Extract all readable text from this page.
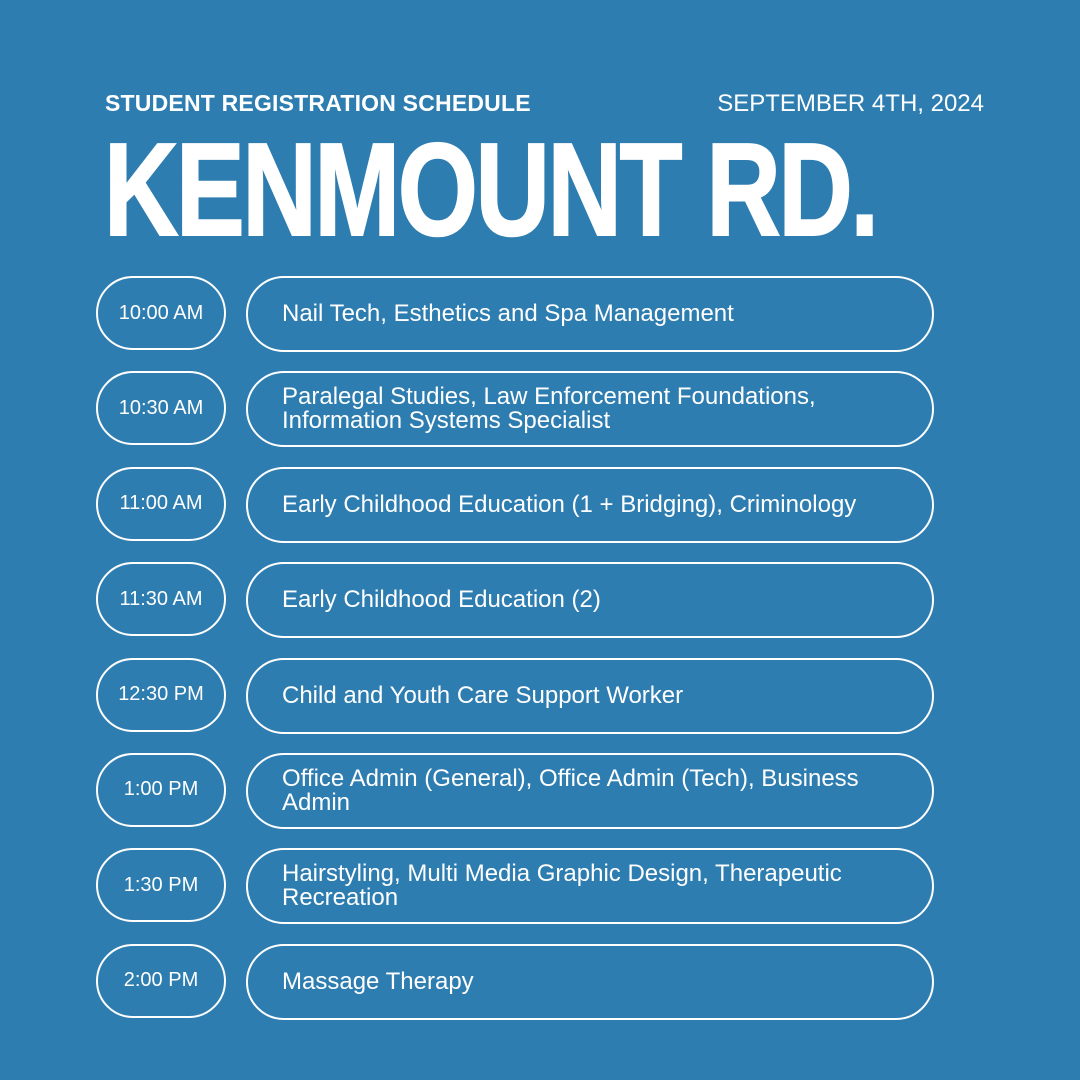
STUDENT REGISTRATION SCHEDULE	SEPTEMBER 4TH, 2024
KENMOUNT RD.
10:00 AM	Nail Tech, Esthetics and Spa Management
10:30 AM	Paralegal Studies, Law Enforcement Foundations, Information Systems Specialist
11:00 AM	Early Childhood Education (1 + Bridging), Criminology
11:30 AM	Early Childhood Education (2)
12:30 PM	Child and Youth Care Support Worker
1:00 PM	Office Admin (General), Office Admin (Tech), Business Admin
1:30 PM	Hairstyling, Multi Media Graphic Design, Therapeutic Recreation
2:00 PM	Massage Therapy
